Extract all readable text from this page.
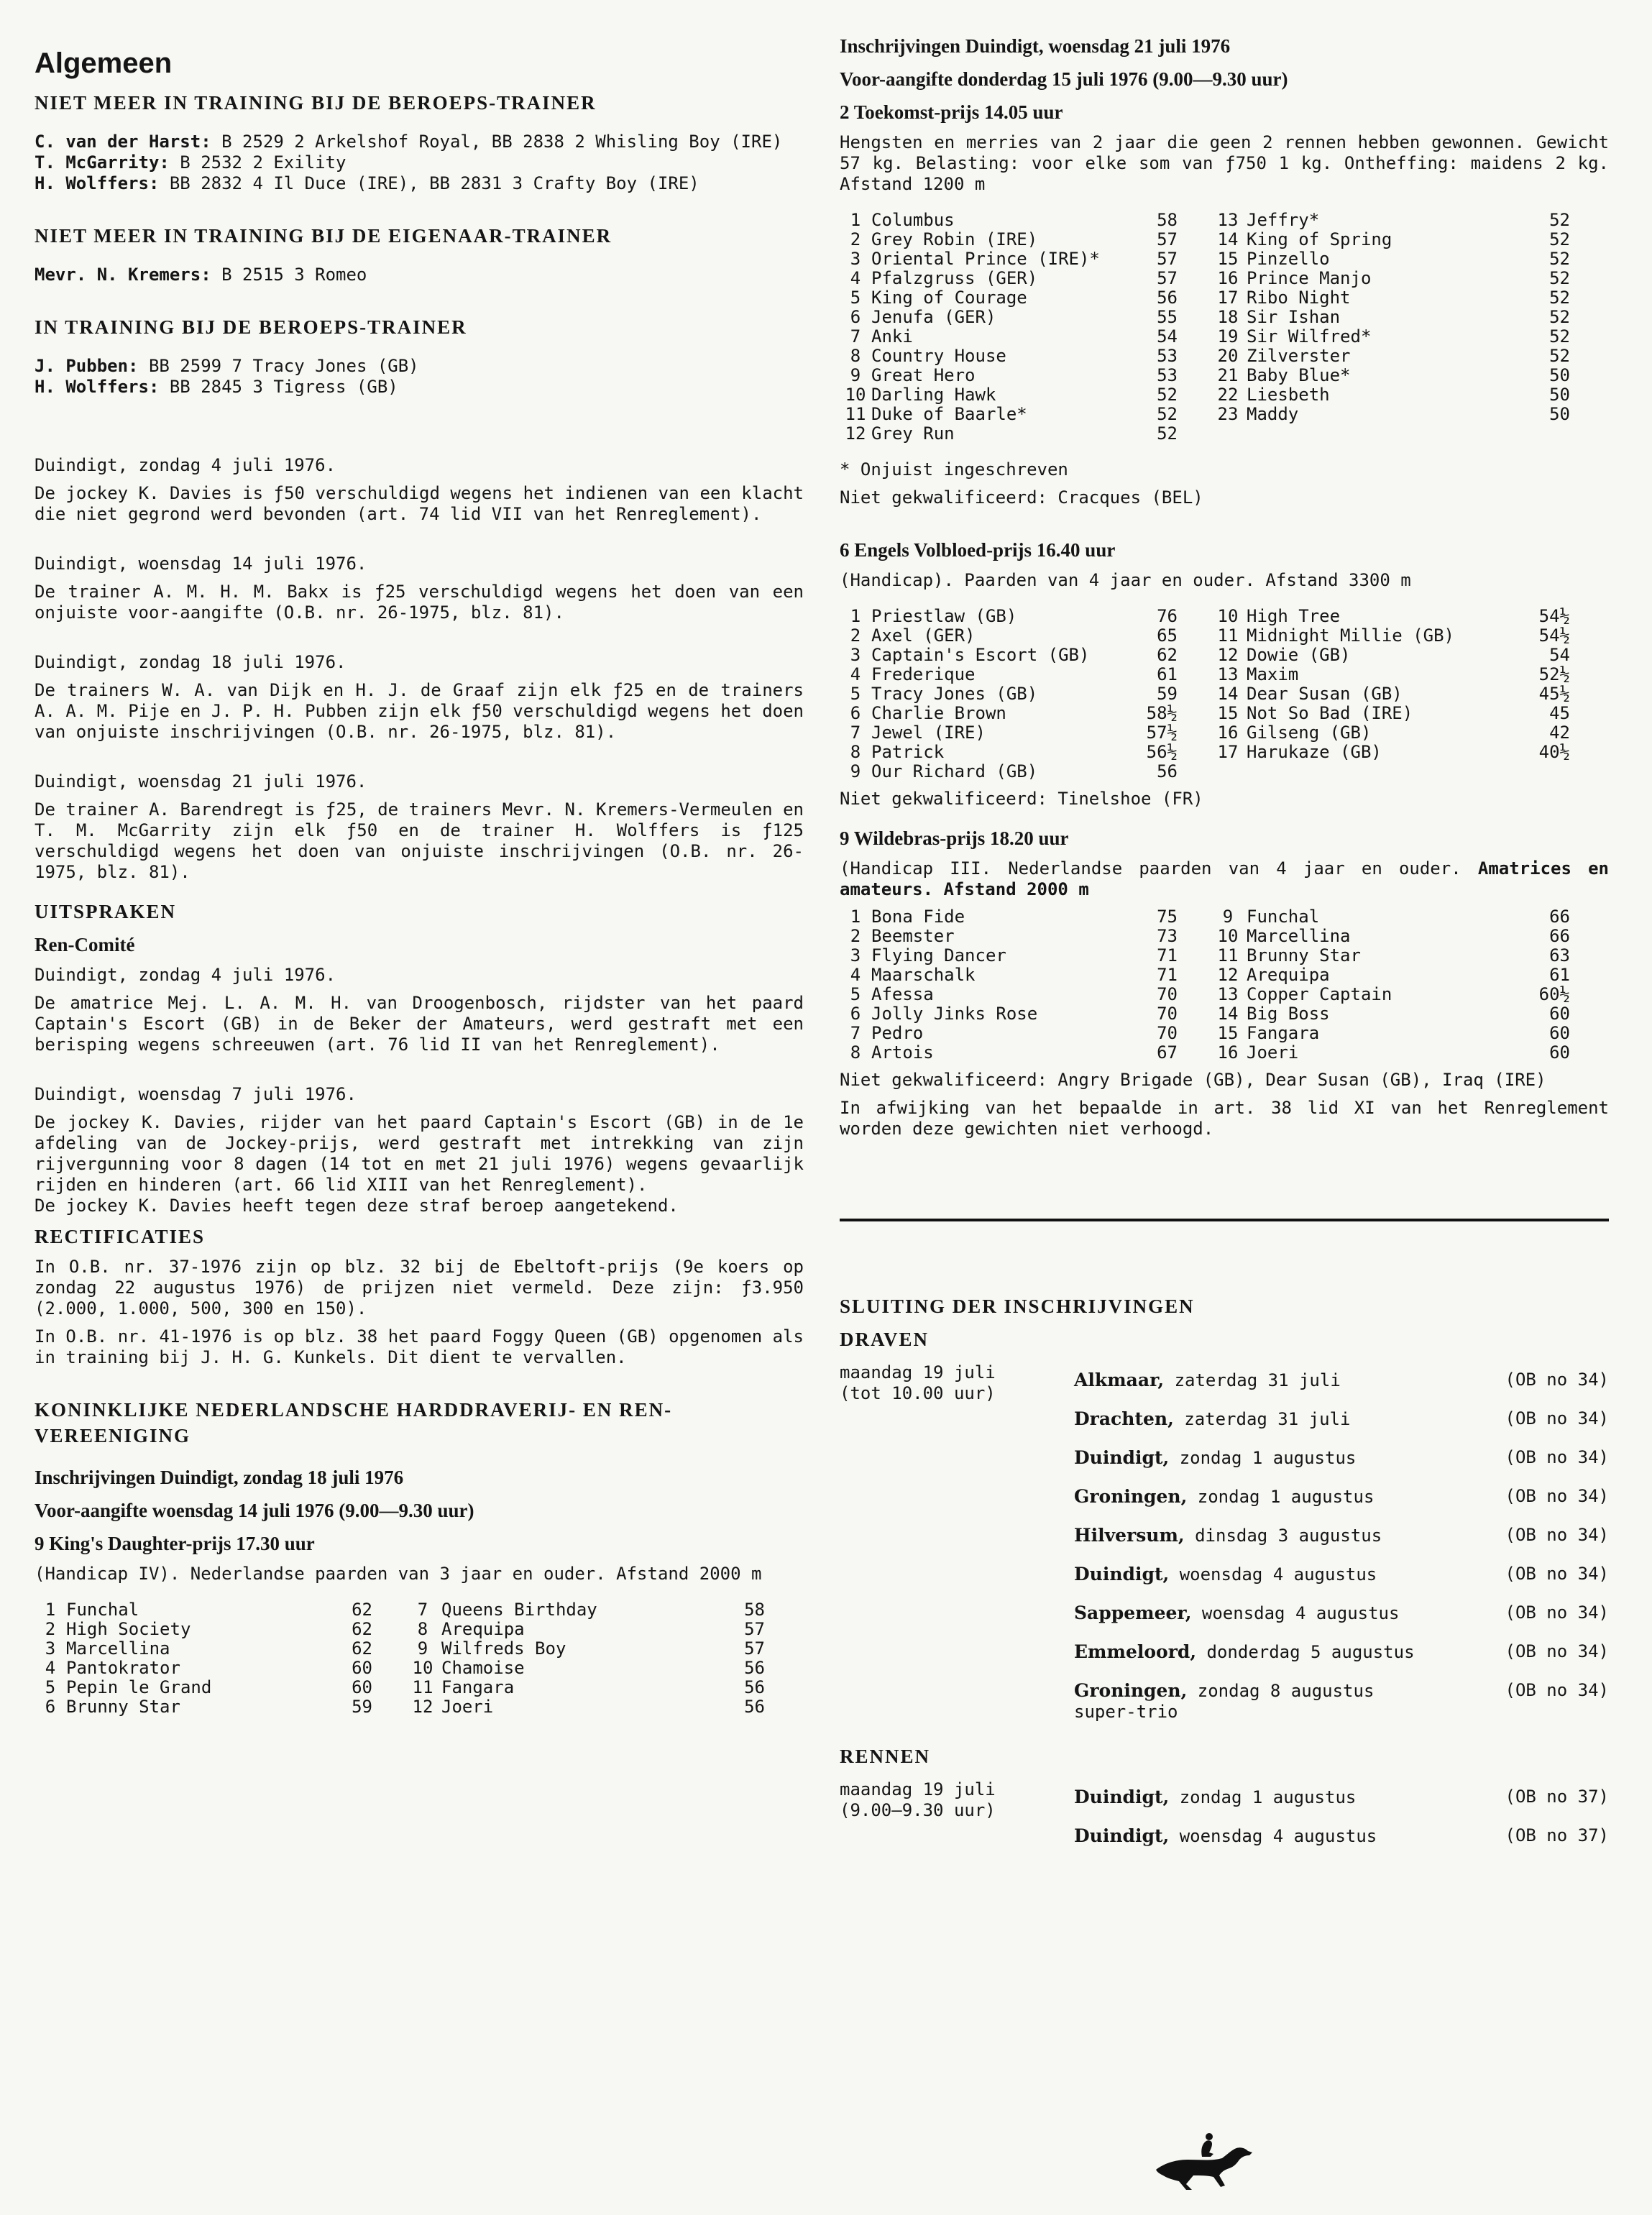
Algemeen

NIET MEER IN TRAINING BIJ DE BEROEPS-TRAINER

C. van der Harst: B 2529 2 Arkelshof Royal, BB 2838 2 Whisling Boy (IRE)
T. McGarrity: B 2532 2 Exility
H. Wolffers: BB 2832 4 Il Duce (IRE), BB 2831 3 Crafty Boy (IRE)

NIET MEER IN TRAINING BIJ DE EIGENAAR-TRAINER

Mevr. N. Kremers: B 2515 3 Romeo

IN TRAINING BIJ DE BEROEPS-TRAINER

J. Pubben: BB 2599 7 Tracy Jones (GB)
H. Wolffers: BB 2845 3 Tigress (GB)

Duindigt, zondag 4 juli 1976.

De jockey K. Davies is ƒ50 verschuldigd wegens het indienen van een klacht die niet gegrond werd bevonden (art. 74 lid VII van het Renreglement).

Duindigt, woensdag 14 juli 1976.

De trainer A. M. H. M. Bakx is ƒ25 verschuldigd wegens het doen van een onjuiste voor-aangifte (O.B. nr. 26-1975, blz. 81).

Duindigt, zondag 18 juli 1976.

De trainers W. A. van Dijk en H. J. de Graaf zijn elk ƒ25 en de trainers A. A. M. Pije en J. P. H. Pubben zijn elk ƒ50 verschuldigd wegens het doen van onjuiste inschrijvingen (O.B. nr. 26-1975, blz. 81).

Duindigt, woensdag 21 juli 1976.

De trainer A. Barendregt is ƒ25, de trainers Mevr. N. Kremers-Vermeulen en T. M. McGarrity zijn elk ƒ50 en de trainer H. Wolffers is ƒ125 verschuldigd wegens het doen van onjuiste inschrijvingen (O.B. nr. 26-1975, blz. 81).

UITSPRAKEN

Ren-Comité

Duindigt, zondag 4 juli 1976.

De amatrice Mej. L. A. M. H. van Droogenbosch, rijdster van het paard Captain's Escort (GB) in de Beker der Amateurs, werd gestraft met een berisping wegens schreeuwen (art. 76 lid II van het Renreglement).

Duindigt, woensdag 7 juli 1976.

De jockey K. Davies, rijder van het paard Captain's Escort (GB) in de 1e afdeling van de Jockey-prijs, werd gestraft met intrekking van zijn rijvergunning voor 8 dagen (14 tot en met 21 juli 1976) wegens gevaarlijk rijden en hinderen (art. 66 lid XIII van het Renreglement).

De jockey K. Davies heeft tegen deze straf beroep aangetekend.

RECTIFICATIES

In O.B. nr. 37-1976 zijn op blz. 32 bij de Ebeltoft-prijs (9e koers op zondag 22 augustus 1976) de prijzen niet vermeld. Deze zijn: ƒ3.950 (2.000, 1.000, 500, 300 en 150).

In O.B. nr. 41-1976 is op blz. 38 het paard Foggy Queen (GB) opgenomen als in training bij J. H. G. Kunkels. Dit dient te vervallen.

KONINKLIJKE NEDERLANDSCHE HARDDRAVERIJ- EN REN-VEREENIGING

Inschrijvingen Duindigt, zondag 18 juli 1976

Voor-aangifte woensdag 14 juli 1976 (9.00—9.30 uur)

9 King's Daughter-prijs 17.30 uur

(Handicap IV). Nederlandse paarden van 3 jaar en ouder. Afstand 2000 m

1	Funchal	62	7	Queens Birthday	58
2	High Society	62	8	Arequipa	57
3	Marcellina	62	9	Wilfreds Boy	57
4	Pantokrator	60	10	Chamoise	56
5	Pepin le Grand	60	11	Fangara	56
6	Brunny Star	59	12	Joeri	56

Inschrijvingen Duindigt, woensdag 21 juli 1976

Voor-aangifte donderdag 15 juli 1976 (9.00—9.30 uur)

2 Toekomst-prijs 14.05 uur

Hengsten en merries van 2 jaar die geen 2 rennen hebben gewonnen. Gewicht 57 kg. Belasting: voor elke som van ƒ750 1 kg. Ontheffing: maidens 2 kg. Afstand 1200 m

1	Columbus	58	13	Jeffry*	52
2	Grey Robin (IRE)	57	14	King of Spring	52
3	Oriental Prince (IRE)*	57	15	Pinzello	52
4	Pfalzgruss (GER)	57	16	Prince Manjo	52
5	King of Courage	56	17	Ribo Night	52
6	Jenufa (GER)	55	18	Sir Ishan	52
7	Anki	54	19	Sir Wilfred*	52
8	Country House	53	20	Zilverster	52
9	Great Hero	53	21	Baby Blue*	50
10	Darling Hawk	52	22	Liesbeth	50
11	Duke of Baarle*	52	23	Maddy	50
12	Grey Run	52			

* Onjuist ingeschreven

Niet gekwalificeerd: Cracques (BEL)

6 Engels Volbloed-prijs 16.40 uur

(Handicap). Paarden van 4 jaar en ouder. Afstand 3300 m

1	Priestlaw (GB)	76	10	High Tree	54½
2	Axel (GER)	65	11	Midnight Millie (GB)	54½
3	Captain's Escort (GB)	62	12	Dowie (GB)	54
4	Frederique	61	13	Maxim	52½
5	Tracy Jones (GB)	59	14	Dear Susan (GB)	45½
6	Charlie Brown	58½	15	Not So Bad (IRE)	45
7	Jewel (IRE)	57½	16	Gilseng (GB)	42
8	Patrick	56½	17	Harukaze (GB)	40½
9	Our Richard (GB)	56			

Niet gekwalificeerd: Tinelshoe (FR)

9 Wildebras-prijs 18.20 uur

(Handicap III. Nederlandse paarden van 4 jaar en ouder. Amatrices en amateurs. Afstand 2000 m

1	Bona Fide	75	9	Funchal	66
2	Beemster	73	10	Marcellina	66
3	Flying Dancer	71	11	Brunny Star	63
4	Maarschalk	71	12	Arequipa	61
5	Afessa	70	13	Copper Captain	60½
6	Jolly Jinks Rose	70	14	Big Boss	60
7	Pedro	70	15	Fangara	60
8	Artois	67	16	Joeri	60

Niet gekwalificeerd: Angry Brigade (GB), Dear Susan (GB), Iraq (IRE)

In afwijking van het bepaalde in art. 38 lid XI van het Renreglement worden deze gewichten niet verhoogd.

SLUITING DER INSCHRIJVINGEN

DRAVEN

maandag 19 juli
(tot 10.00 uur)
Alkmaar, zaterdag 31 juli	(OB no 34)
Drachten, zaterdag 31 juli	(OB no 34)
Duindigt, zondag 1 augustus	(OB no 34)
Groningen, zondag 1 augustus	(OB no 34)
Hilversum, dinsdag 3 augustus	(OB no 34)
Duindigt, woensdag 4 augustus	(OB no 34)
Sappemeer, woensdag 4 augustus	(OB no 34)
Emmeloord, donderdag 5 augustus	(OB no 34)
Groningen, zondag 8 augustus	(OB no 34)
super-trio

RENNEN

maandag 19 juli
(9.00—9.30 uur)
Duindigt, zondag 1 augustus	(OB no 37)
Duindigt, woensdag 4 augustus	(OB no 37)
